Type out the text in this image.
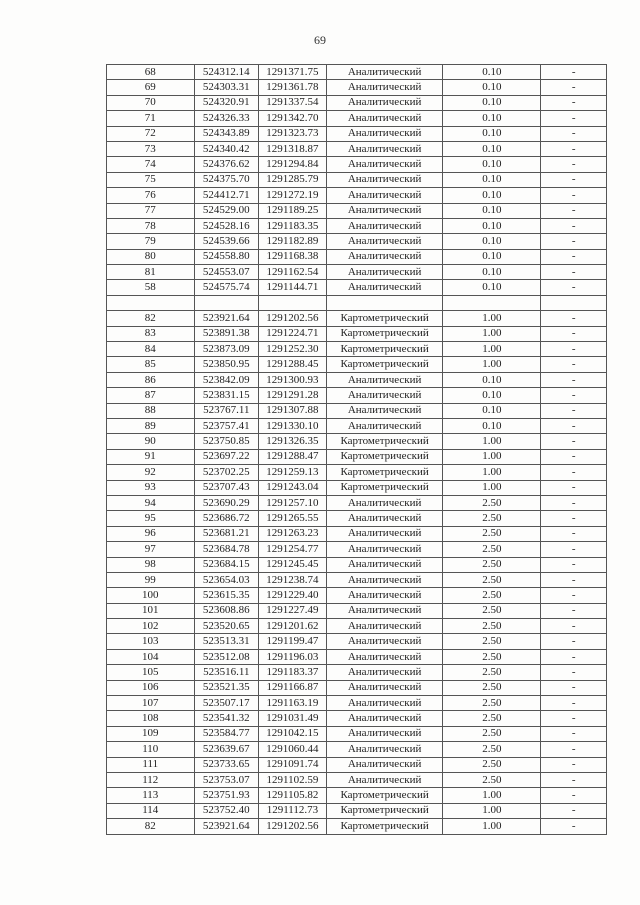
69
68	524312.14	1291371.75	Аналитический	0.10	-
69	524303.31	1291361.78	Аналитический	0.10	-
70	524320.91	1291337.54	Аналитический	0.10	-
71	524326.33	1291342.70	Аналитический	0.10	-
72	524343.89	1291323.73	Аналитический	0.10	-
73	524340.42	1291318.87	Аналитический	0.10	-
74	524376.62	1291294.84	Аналитический	0.10	-
75	524375.70	1291285.79	Аналитический	0.10	-
76	524412.71	1291272.19	Аналитический	0.10	-
77	524529.00	1291189.25	Аналитический	0.10	-
78	524528.16	1291183.35	Аналитический	0.10	-
79	524539.66	1291182.89	Аналитический	0.10	-
80	524558.80	1291168.38	Аналитический	0.10	-
81	524553.07	1291162.54	Аналитический	0.10	-
58	524575.74	1291144.71	Аналитический	0.10	-

82	523921.64	1291202.56	Картометрический	1.00	-
83	523891.38	1291224.71	Картометрический	1.00	-
84	523873.09	1291252.30	Картометрический	1.00	-
85	523850.95	1291288.45	Картометрический	1.00	-
86	523842.09	1291300.93	Аналитический	0.10	-
87	523831.15	1291291.28	Аналитический	0.10	-
88	523767.11	1291307.88	Аналитический	0.10	-
89	523757.41	1291330.10	Аналитический	0.10	-
90	523750.85	1291326.35	Картометрический	1.00	-
91	523697.22	1291288.47	Картометрический	1.00	-
92	523702.25	1291259.13	Картометрический	1.00	-
93	523707.43	1291243.04	Картометрический	1.00	-
94	523690.29	1291257.10	Аналитический	2.50	-
95	523686.72	1291265.55	Аналитический	2.50	-
96	523681.21	1291263.23	Аналитический	2.50	-
97	523684.78	1291254.77	Аналитический	2.50	-
98	523684.15	1291245.45	Аналитический	2.50	-
99	523654.03	1291238.74	Аналитический	2.50	-
100	523615.35	1291229.40	Аналитический	2.50	-
101	523608.86	1291227.49	Аналитический	2.50	-
102	523520.65	1291201.62	Аналитический	2.50	-
103	523513.31	1291199.47	Аналитический	2.50	-
104	523512.08	1291196.03	Аналитический	2.50	-
105	523516.11	1291183.37	Аналитический	2.50	-
106	523521.35	1291166.87	Аналитический	2.50	-
107	523507.17	1291163.19	Аналитический	2.50	-
108	523541.32	1291031.49	Аналитический	2.50	-
109	523584.77	1291042.15	Аналитический	2.50	-
110	523639.67	1291060.44	Аналитический	2.50	-
111	523733.65	1291091.74	Аналитический	2.50	-
112	523753.07	1291102.59	Аналитический	2.50	-
113	523751.93	1291105.82	Картометрический	1.00	-
114	523752.40	1291112.73	Картометрический	1.00	-
82	523921.64	1291202.56	Картометрический	1.00	-
